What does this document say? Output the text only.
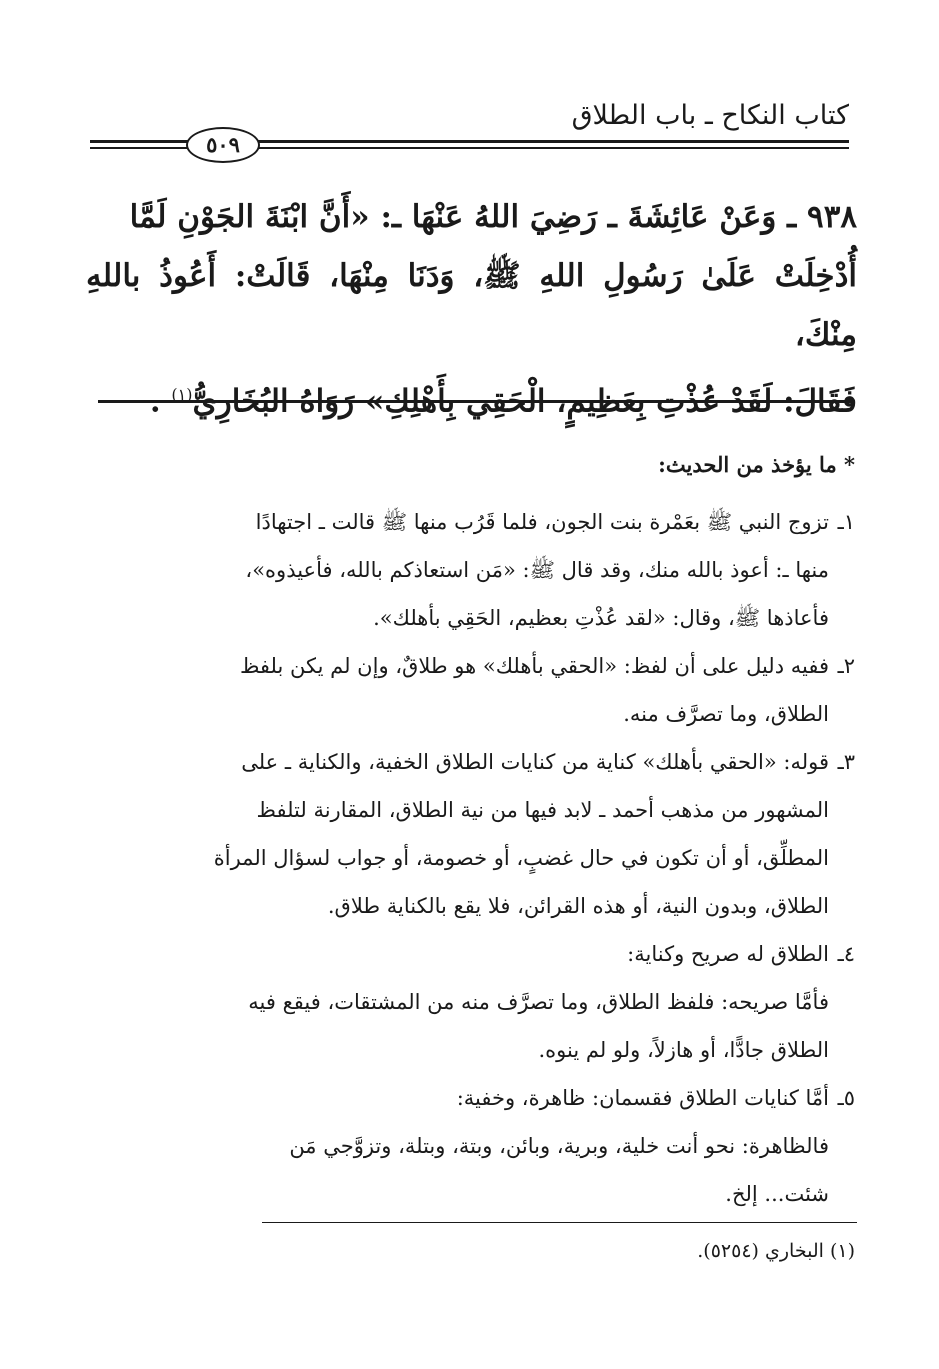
كتاب النكاح ـ باب الطلاق
٥٠٩
٩٣٨ ـ وَعَنْ عَائِشَةَ ـ رَضِيَ اللهُ عَنْهَا ـ: «أَنَّ ابْنَةَ الجَوْنِ لَمَّا
أُدْخِلَتْ عَلَىٰ رَسُولِ اللهِ ﷺ، وَدَنَا مِنْهَا، قَالَتْ: أَعُوذُ باللهِ مِنْكَ،
فَقَالَ: لَقَدْ عُذْتِ بِعَظِيمٍ، الْحَقِي بِأَهْلِكِ» رَوَاهُ البُخَارِيُّ$^{(١)}$ .
* ما يؤخذ من الحديث:
١ـ
تزوج النبي ﷺ بعَمْرة بنت الجون، فلما قَرُب منها ﷺ قالت ـ اجتهادًا
منها ـ: أعوذ بالله منك، وقد قال ﷺ: «مَن استعاذكم بالله، فأعيذوه»،
فأعاذها ﷺ، وقال: «لقد عُذْتِ بعظيم، الحَقِي بأهلك».
٢ـ
ففيه دليل على أن لفظ: «الحقي بأهلك» هو طلاقٌ، وإن لم يكن بلفظ
الطلاق، وما تصرَّف منه.
٣ـ
قوله: «الحقي بأهلك» كناية من كنايات الطلاق الخفية، والكناية ـ على
المشهور من مذهب أحمد ـ لابد فيها من نية الطلاق، المقارنة لتلفظ
المطلِّق، أو أن تكون في حال غضبٍ، أو خصومة، أو جواب لسؤال المرأة
الطلاق، وبدون النية، أو هذه القرائن، فلا يقع بالكناية طلاق.
٤ـ
الطلاق له صريح وكناية:
فأمَّا صريحه: فلفظ الطلاق، وما تصرَّف منه من المشتقات، فيقع فيه
الطلاق جادًّا، أو هازلاً، ولو لم ينوه.
٥ـ
أمَّا كنايات الطلاق فقسمان: ظاهرة، وخفية:
فالظاهرة: نحو أنت خلية، وبرية، وبائن، وبتة، وبتلة، وتزوَّجي مَن
شئت... إلخ.
(١) البخاري (٥٢٥٤).
